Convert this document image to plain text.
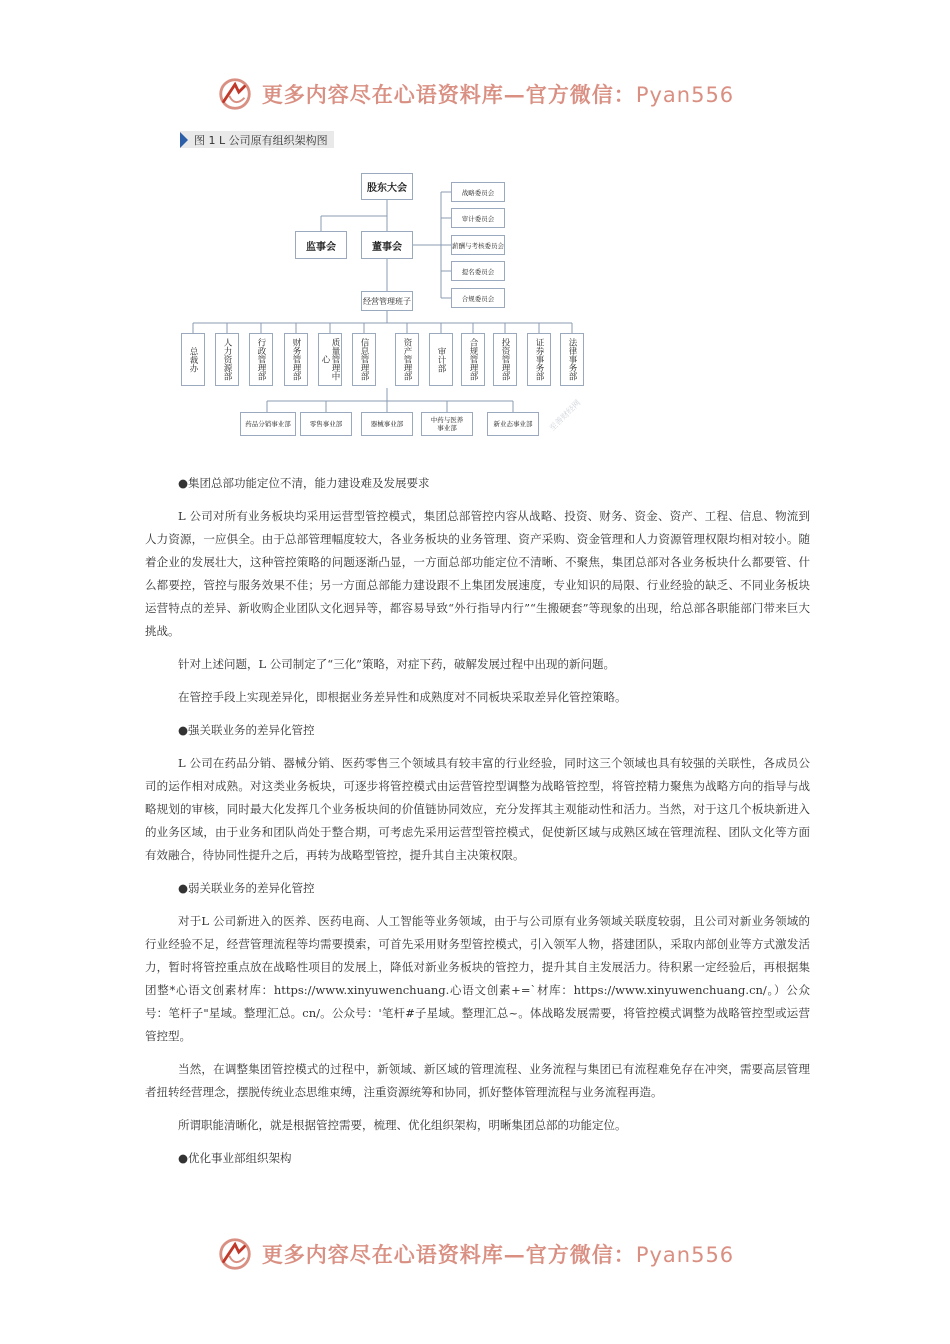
更多内容尽在心语资料库—官方微信：Pyan556
图 1 L 公司原有组织架构图
股东大会
监事会	董事会
战略委员会
审计委员会
薪酬与考核委员会
提名委员会
合规委员会
经营管理班子
总裁办	人力资源部	行政管理部	财务管理部	质量管理中心	信息管理部	资产管理部	审计部	合规管理部	投资管理部	证券事务部	法律事务部
药品分销事业部	零售事业部	器械事业部	中药与医养事业部	新业态事业部	至善财经网

●集团总部功能定位不清，能力建设难及发展要求

L 公司对所有业务板块均采用运营型管控模式，集团总部管控内容从战略、投资、财务、资金、资产、工程、信息、物流到人力资源，一应俱全。由于总部管理幅度较大，各业务板块的业务管理、资产采购、资金管理和人力资源管理权限均相对较小。随着企业的发展壮大，这种管控策略的问题逐渐凸显，一方面总部功能定位不清晰、不聚焦，集团总部对各业务板块什么都要管、什么都要控，管控与服务效果不佳；另一方面总部能力建设跟不上集团发展速度，专业知识的局限、行业经验的缺乏、不同业务板块运营特点的差异、新收购企业团队文化迥异等，都容易导致“外行指导内行”“生搬硬套”等现象的出现，给总部各职能部门带来巨大挑战。

针对上述问题，L 公司制定了“三化”策略，对症下药，破解发展过程中出现的新问题。

在管控手段上实现差异化，即根据业务差异性和成熟度对不同板块采取差异化管控策略。

●强关联业务的差异化管控

L 公司在药品分销、器械分销、医药零售三个领域具有较丰富的行业经验，同时这三个领域也具有较强的关联性，各成员公司的运作相对成熟。对这类业务板块，可逐步将管控模式由运营管控型调整为战略管控型，将管控精力聚焦为战略方向的指导与战略规划的审核，同时最大化发挥几个业务板块间的价值链协同效应，充分发挥其主观能动性和活力。当然，对于这几个板块新进入的业务区域，由于业务和团队尚处于整合期，可考虑先采用运营型管控模式，促使新区域与成熟区域在管理流程、团队文化等方面有效融合，待协同性提升之后，再转为战略型管控，提升其自主决策权限。

●弱关联业务的差异化管控

对于L 公司新进入的医养、医药电商、人工智能等业务领域，由于与公司原有业务领域关联度较弱，且公司对新业务领域的行业经验不足，经营管理流程等均需要摸索，可首先采用财务型管控模式，引入领军人物，搭建团队，采取内部创业等方式激发活力，暂时将管控重点放在战略性项目的发展上，降低对新业务板块的管控力，提升其自主发展活力。待积累一定经验后，再根据集团整*心语文创素材库：https://www.xinyuwenchuang.心语文创素+=`材库：https://www.xinyuwenchuang.cn/。）公众号：笔杆子"星域。整理汇总。cn/。公众号：'笔杆#子星域。整理汇总~。体战略发展需要，将管控模式调整为战略管控型或运营管控型。

当然，在调整集团管控模式的过程中，新领域、新区域的管理流程、业务流程与集团已有流程难免存在冲突，需要高层管理者扭转经营理念，摆脱传统业态思维束缚，注重资源统筹和协同，抓好整体管理流程与业务流程再造。

所谓职能清晰化，就是根据管控需要，梳理、优化组织架构，明晰集团总部的功能定位。

●优化事业部组织架构

更多内容尽在心语资料库—官方微信：Pyan556
